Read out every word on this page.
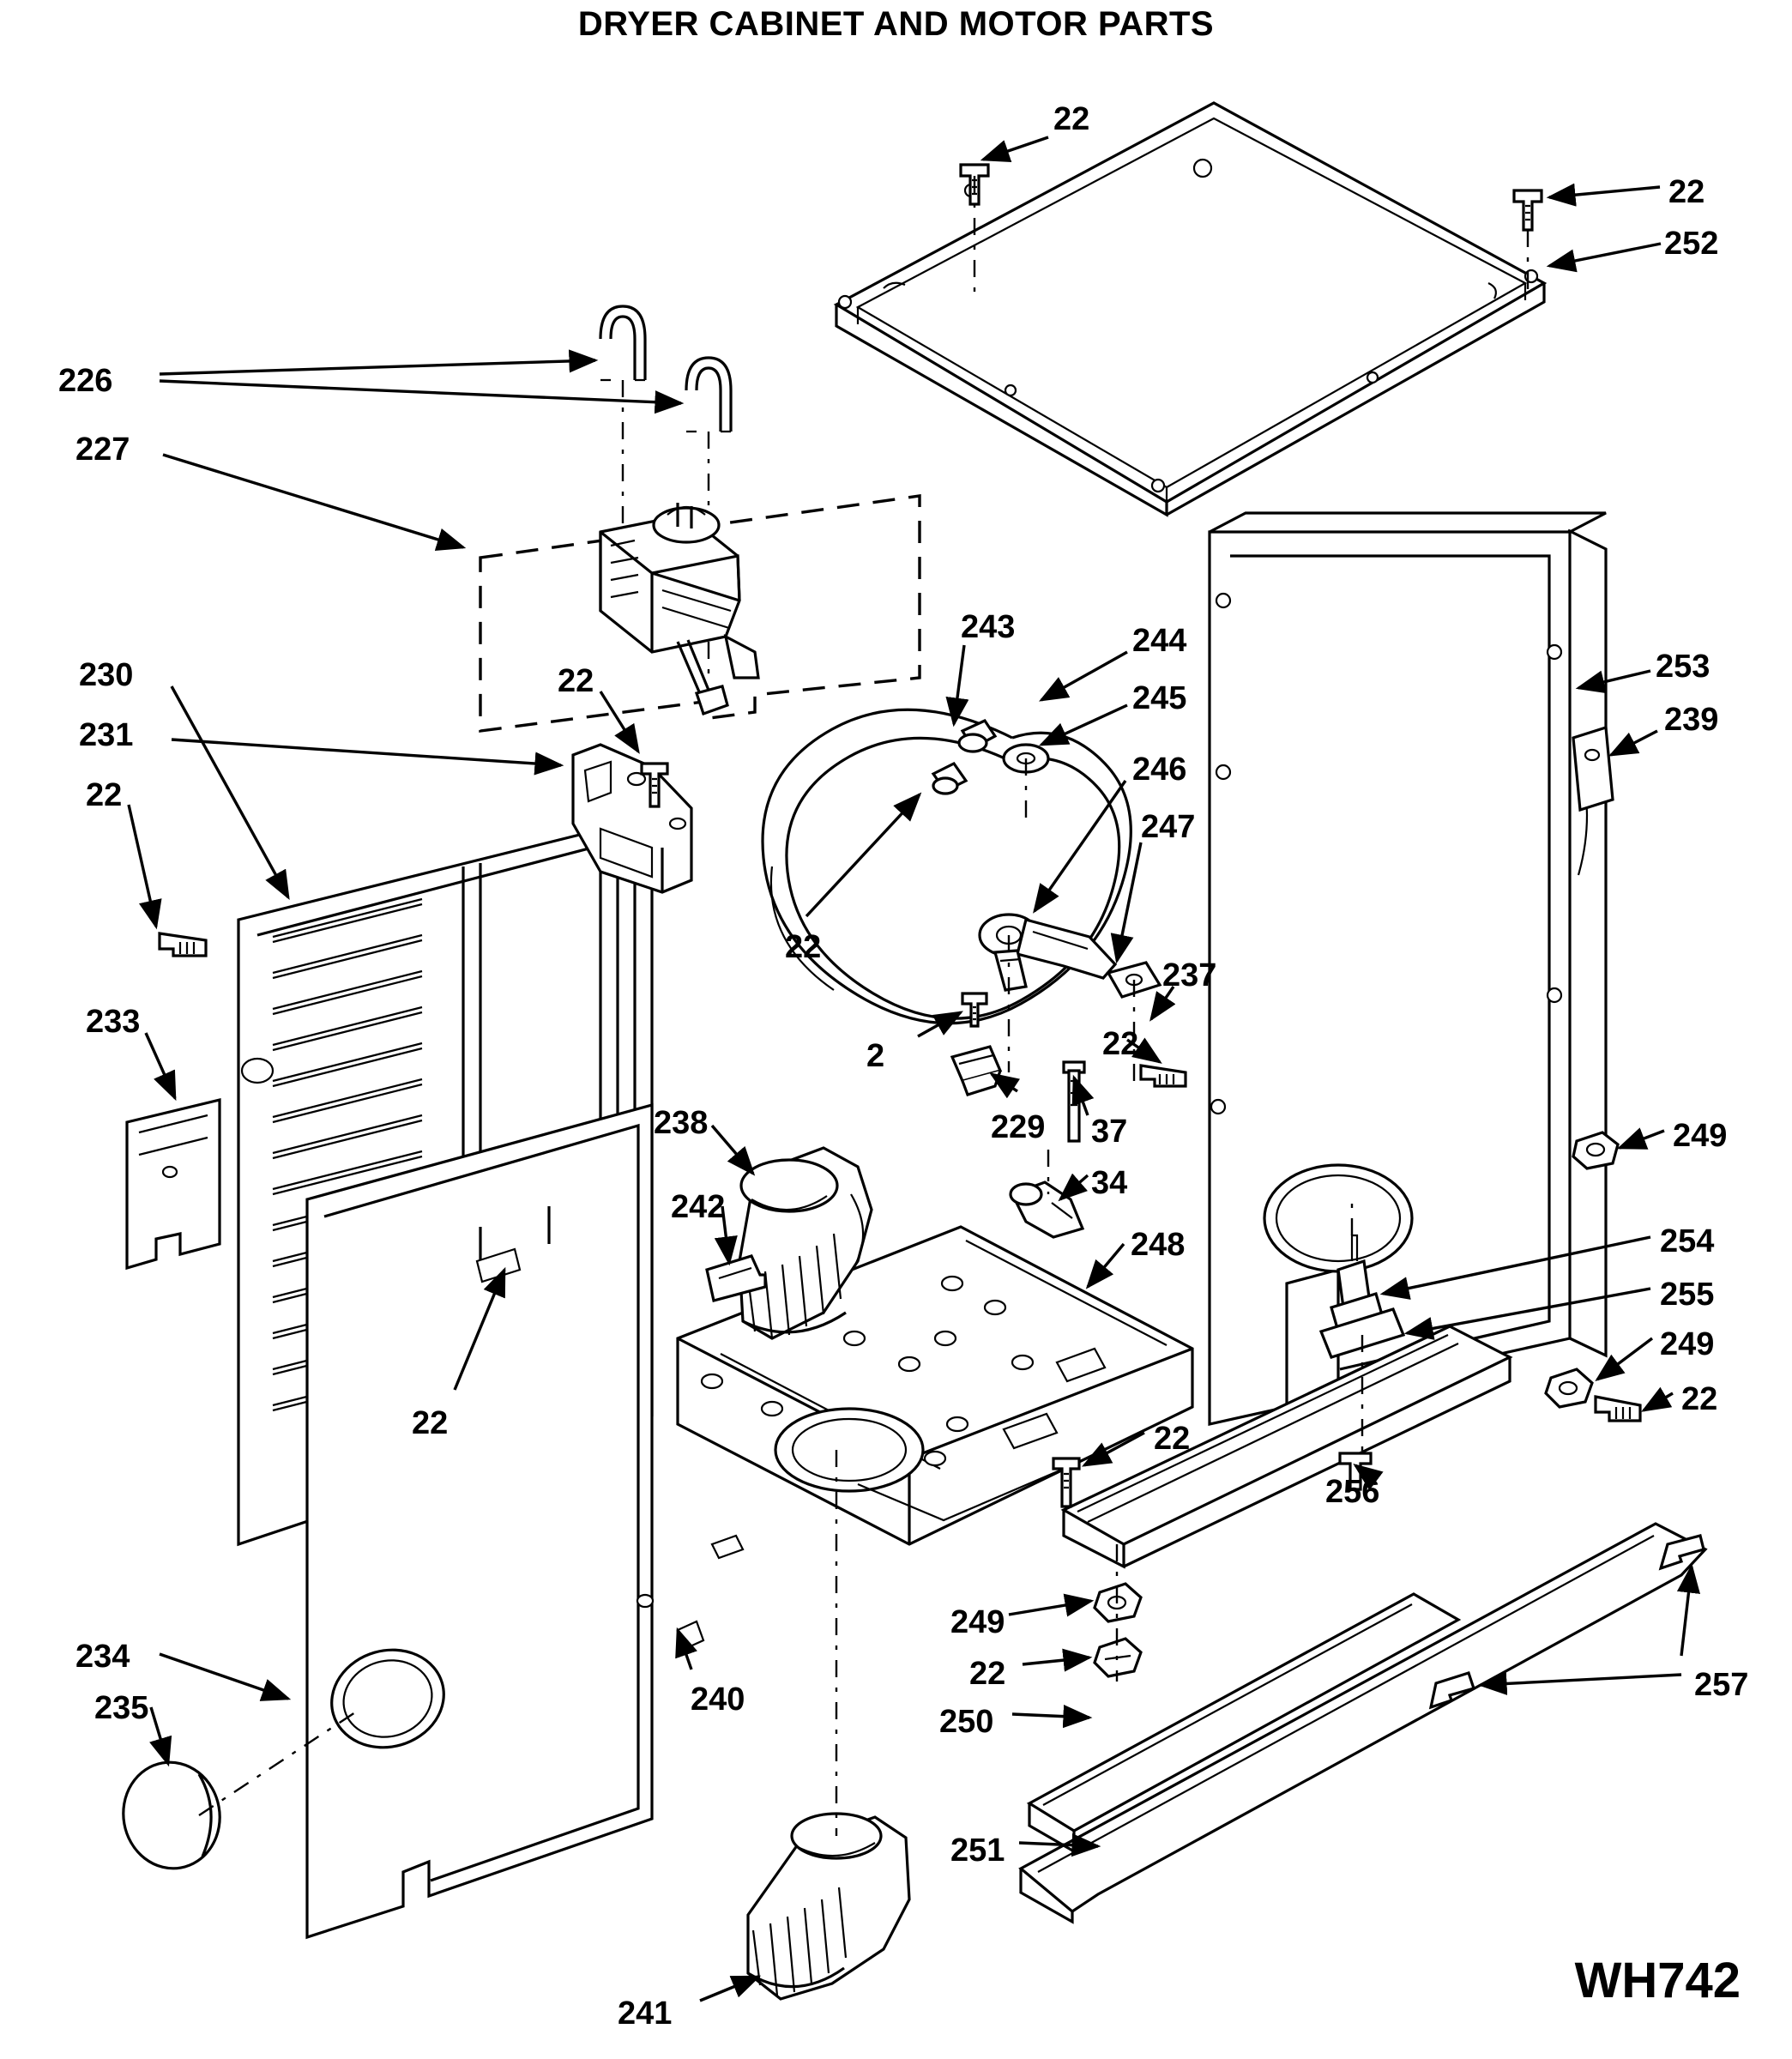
DRYER CABINET AND MOTOR PARTS
22
22
252
226
227
243	244
245
253
239
230	22
231
246
22
247
22
237
233
2	22
238	229 37
34
249
242
248	254
255
249
22
22	22
256
249
22
234
235	240	257
250
251
241
WH742
